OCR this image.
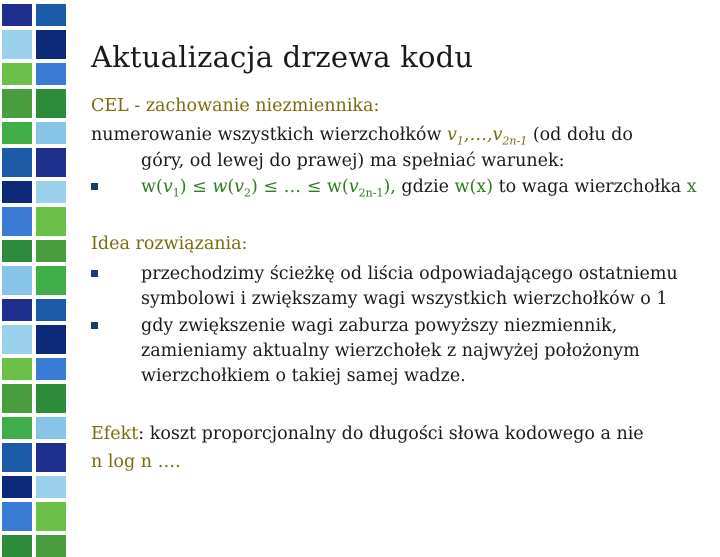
Aktualizacja drzewa kodu
CEL - zachowanie niezmiennika:
numerowanie wszystkich wierzchołków $v_1,\dots,v_{2n-1}$ (od dołu do
góry, od lewej do prawej) ma spełniać warunek:
$w(v_1) \le w(v_2)$ ≤ … ≤ $w(v_{2n-1})$, gdzie w(x) to waga wierzchołka x
Idea rozwiązania:
przechodzimy ścieżkę od liścia odpowiadającego ostatniemu
symbolowi i zwiększamy wagi wszystkich wierzchołków o 1
gdy zwiększenie wagi zaburza powyższy niezmiennik,
zamieniamy aktualny wierzchołek z najwyżej położonym
wierzchołkiem o takiej samej wadze.
Efekt: koszt proporcjonalny do długości słowa kodowego a nie
n log n ….
